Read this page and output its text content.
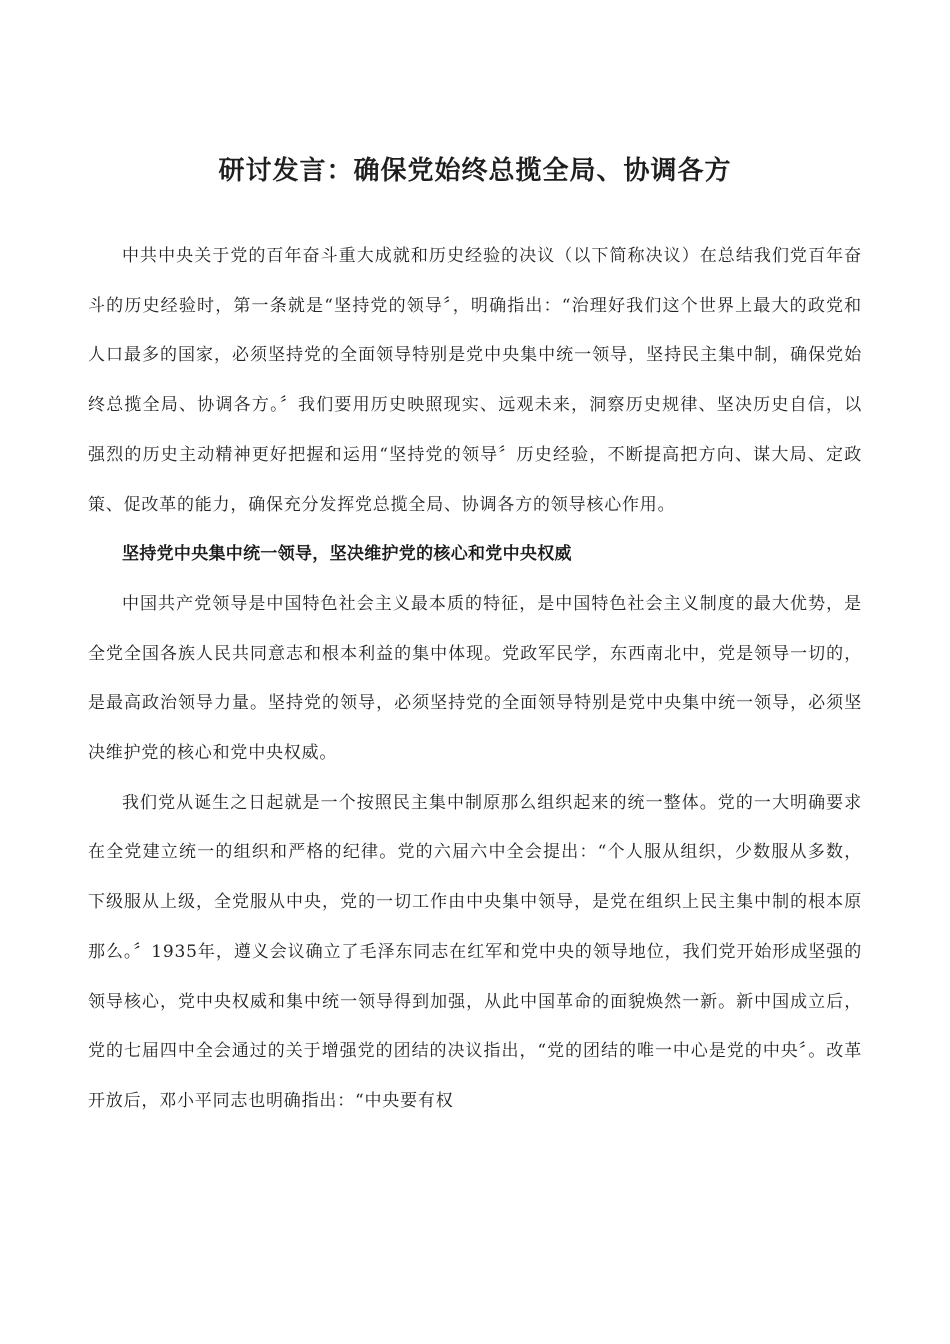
研讨发言：确保党始终总揽全局、协调各方

中共中央关于党的百年奋斗重大成就和历史经验的决议（以下简称决议）在总结我们党百年奋斗的历史经验时，第一条就是“坚持党的领导〞，明确指出：“治理好我们这个世界上最大的政党和人口最多的国家，必须坚持党的全面领导特别是党中央集中统一领导，坚持民主集中制，确保党始终总揽全局、协调各方。〞我们要用历史映照现实、远观未来，洞察历史规律、坚决历史自信，以强烈的历史主动精神更好把握和运用“坚持党的领导〞历史经验，不断提高把方向、谋大局、定政策、促改革的能力，确保充分发挥党总揽全局、协调各方的领导核心作用。

坚持党中央集中统一领导，坚决维护党的核心和党中央权威

中国共产党领导是中国特色社会主义最本质的特征，是中国特色社会主义制度的最大优势，是全党全国各族人民共同意志和根本利益的集中体现。党政军民学，东西南北中，党是领导一切的，是最高政治领导力量。坚持党的领导，必须坚持党的全面领导特别是党中央集中统一领导，必须坚决维护党的核心和党中央权威。

我们党从诞生之日起就是一个按照民主集中制原那么组织起来的统一整体。党的一大明确要求在全党建立统一的组织和严格的纪律。党的六届六中全会提出：“个人服从组织，少数服从多数，下级服从上级，全党服从中央，党的一切工作由中央集中领导，是党在组织上民主集中制的根本原那么。〞1935年，遵义会议确立了毛泽东同志在红军和党中央的领导地位，我们党开始形成坚强的领导核心，党中央权威和集中统一领导得到加强，从此中国革命的面貌焕然一新。新中国成立后，党的七届四中全会通过的关于增强党的团结的决议指出，“党的团结的唯一中心是党的中央〞。改革开放后，邓小平同志也明确指出：“中央要有权
